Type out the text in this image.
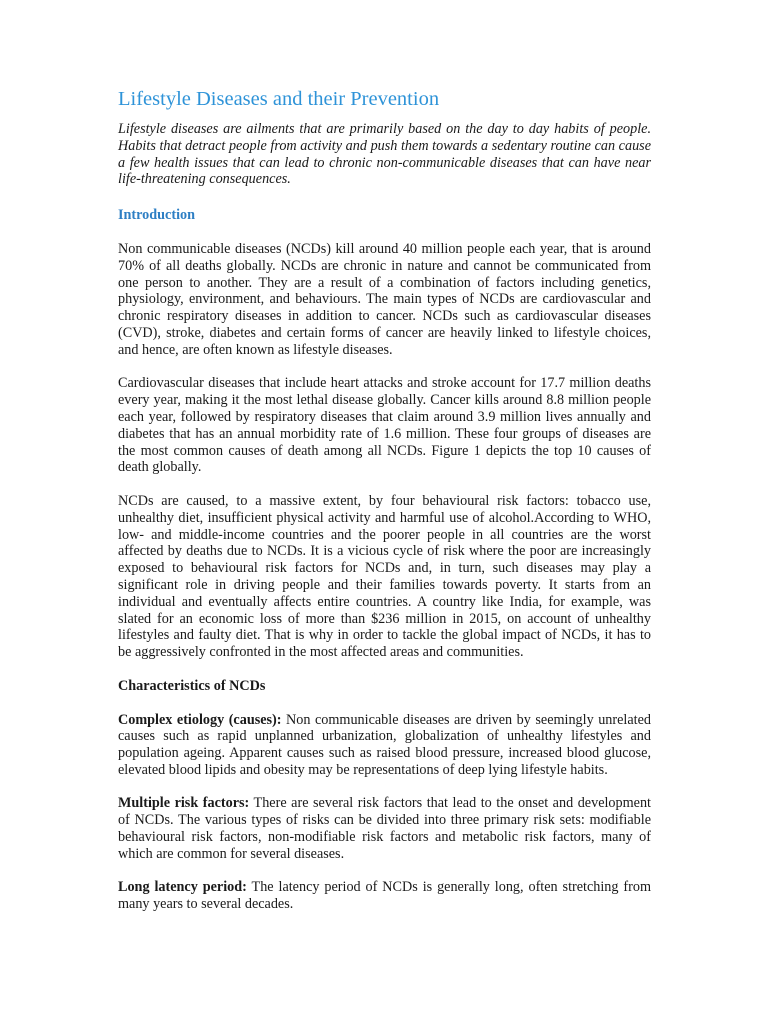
Lifestyle Diseases and their Prevention

Lifestyle diseases are ailments that are primarily based on the day to day habits of people. Habits that detract people from activity and push them towards a sedentary routine can cause a few health issues that can lead to chronic non-communicable diseases that can have near life-threatening consequences.

Introduction

Non communicable diseases (NCDs) kill around 40 million people each year, that is around 70% of all deaths globally. NCDs are chronic in nature and cannot be communicated from one person to another. They are a result of a combination of factors including genetics, physiology, environment, and behaviours. The main types of NCDs are cardiovascular and chronic respiratory diseases in addition to cancer. NCDs such as cardiovascular diseases (CVD), stroke, diabetes and certain forms of cancer are heavily linked to lifestyle choices, and hence, are often known as lifestyle diseases.

Cardiovascular diseases that include heart attacks and stroke account for 17.7 million deaths every year, making it the most lethal disease globally. Cancer kills around 8.8 million people each year, followed by respiratory diseases that claim around 3.9 million lives annually and diabetes that has an annual morbidity rate of 1.6 million. These four groups of diseases are the most common causes of death among all NCDs. Figure 1 depicts the top 10 causes of death globally.

NCDs are caused, to a massive extent, by four behavioural risk factors: tobacco use, unhealthy diet, insufficient physical activity and harmful use of alcohol.According to WHO, low- and middle-income countries and the poorer people in all countries are the worst affected by deaths due to NCDs. It is a vicious cycle of risk where the poor are increasingly exposed to behavioural risk factors for NCDs and, in turn, such diseases may play a significant role in driving people and their families towards poverty. It starts from an individual and eventually affects entire countries. A country like India, for example, was slated for an economic loss of more than $236 million in 2015, on account of unhealthy lifestyles and faulty diet. That is why in order to tackle the global impact of NCDs, it has to be aggressively confronted in the most affected areas and communities.

Characteristics of NCDs

Complex etiology (causes): Non communicable diseases are driven by seemingly unrelated causes such as rapid unplanned urbanization, globalization of unhealthy lifestyles and population ageing. Apparent causes such as raised blood pressure, increased blood glucose, elevated blood lipids and obesity may be representations of deep lying lifestyle habits.

Multiple risk factors: There are several risk factors that lead to the onset and development of NCDs. The various types of risks can be divided into three primary risk sets: modifiable behavioural risk factors, non-modifiable risk factors and metabolic risk factors, many of which are common for several diseases.

Long latency period: The latency period of NCDs is generally long, often stretching from many years to several decades.
